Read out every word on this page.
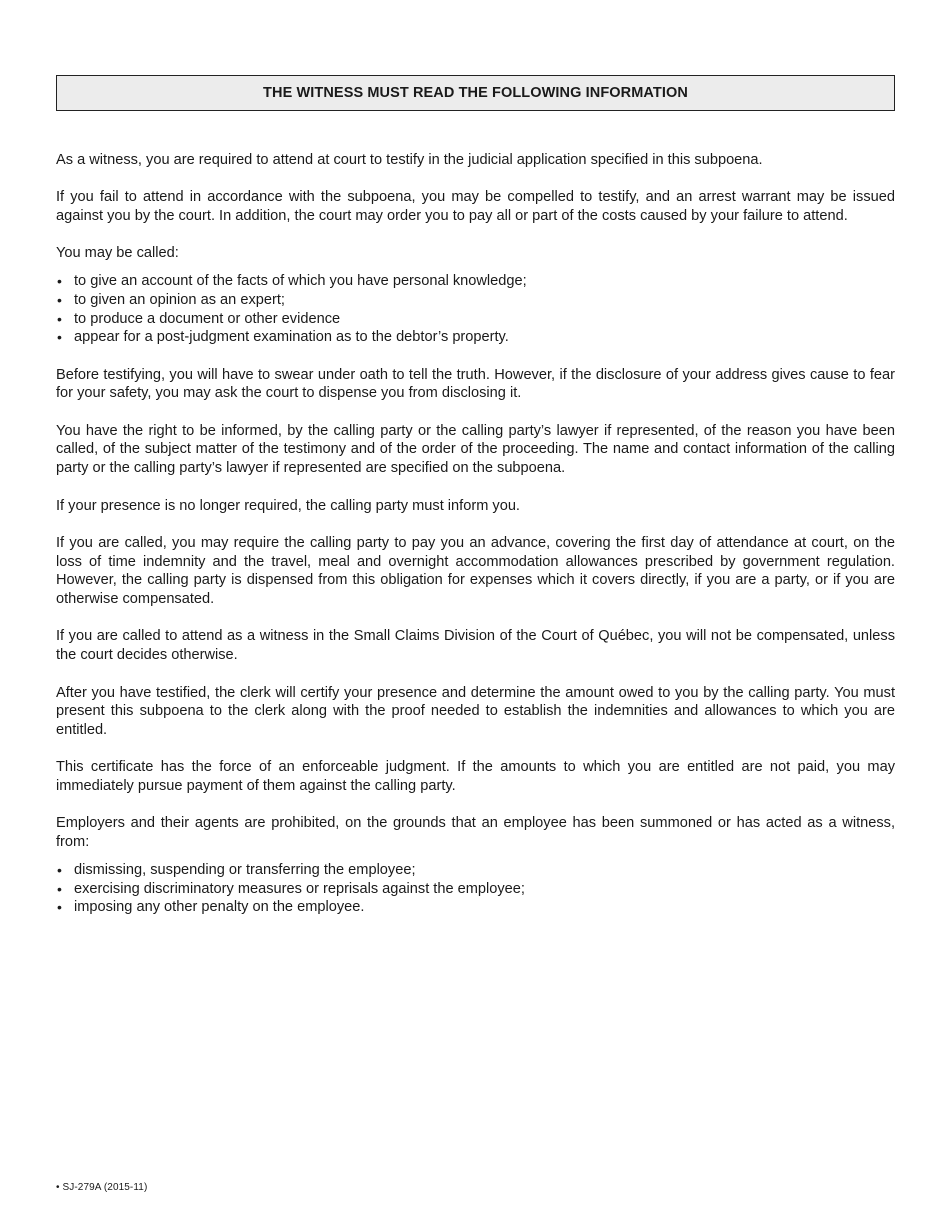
THE WITNESS MUST READ THE FOLLOWING INFORMATION

As a witness, you are required to attend at court to testify in the judicial application specified in this subpoena.

If you fail to attend in accordance with the subpoena, you may be compelled to testify, and an arrest warrant may be issued against you by the court. In addition, the court may order you to pay all or part of the costs caused by your failure to attend.

You may be called:

• to give an account of the facts of which you have personal knowledge;
• to given an opinion as an expert;
• to produce a document or other evidence
• appear for a post-judgment examination as to the debtor’s property.

Before testifying, you will have to swear under oath to tell the truth. However, if the disclosure of your address gives cause to fear for your safety, you may ask the court to dispense you from disclosing it.

You have the right to be informed, by the calling party or the calling party’s lawyer if represented, of the reason you have been called, of the subject matter of the testimony and of the order of the proceeding. The name and contact information of the calling party or the calling party’s lawyer if represented are specified on the subpoena.

If your presence is no longer required, the calling party must inform you.

If you are called, you may require the calling party to pay you an advance, covering the first day of attendance at court, on the loss of time indemnity and the travel, meal and overnight accommodation allowances prescribed by government regulation. However, the calling party is dispensed from this obligation for expenses which it covers directly, if you are a party, or if you are otherwise compensated.

If you are called to attend as a witness in the Small Claims Division of the Court of Québec, you will not be compensated, unless the court decides otherwise.

After you have testified, the clerk will certify your presence and determine the amount owed to you by the calling party. You must present this subpoena to the clerk along with the proof needed to establish the indemnities and allowances to which you are entitled.

This certificate has the force of an enforceable judgment. If the amounts to which you are entitled are not paid, you may immediately pursue payment of them against the calling party.

Employers and their agents are prohibited, on the grounds that an employee has been summoned or has acted as a witness, from:

• dismissing, suspending or transferring the employee;
• exercising discriminatory measures or reprisals against the employee;
• imposing any other penalty on the employee.
• SJ-279A (2015-11)
